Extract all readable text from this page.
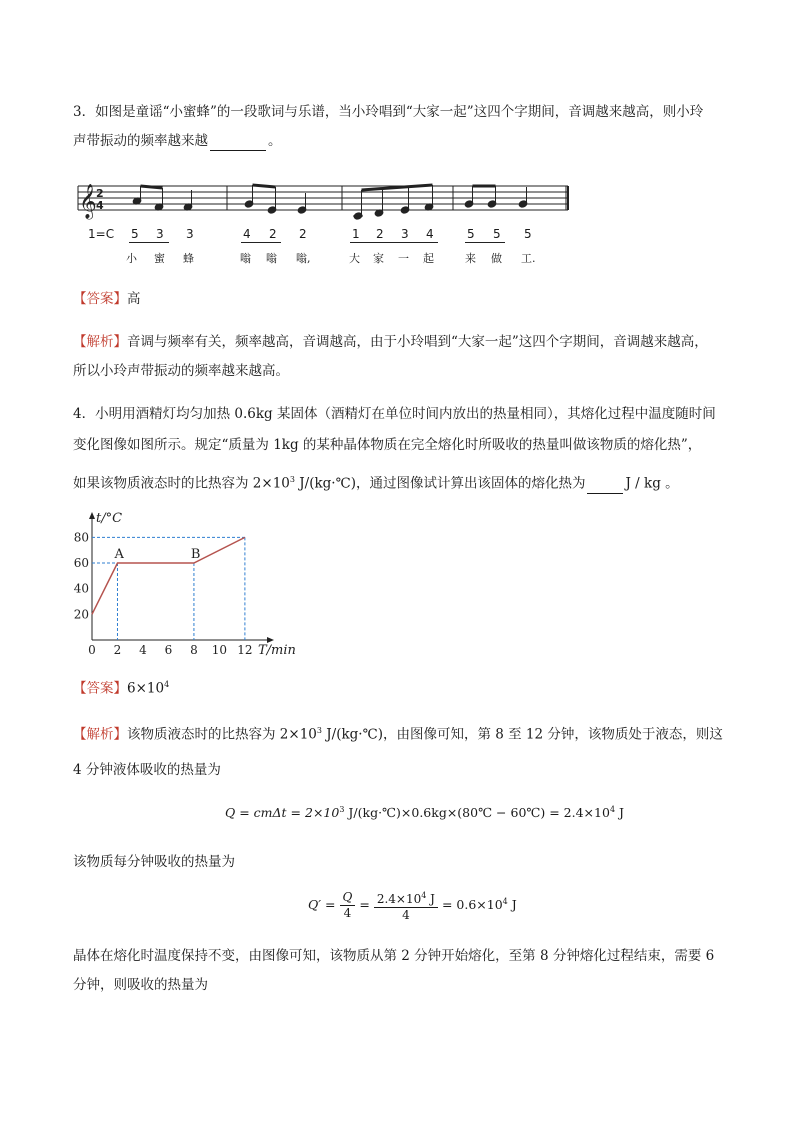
3．如图是童谣“小蜜蜂”的一段歌词与乐谱，当小玲唱到“大家一起”这四个字期间，音调越来越高，则小玲
声带振动的频率越来越	。
𝄞 2
4
1=C 5 3 3	4 2 2	1 2 3 4	5 5 5
小 蜜 蜂	嗡 嗡 嗡,	大 家 一 起	来 做 工.
【答案】高
【解析】音调与频率有关，频率越高，音调越高，由于小玲唱到“大家一起”这四个字期间，音调越来越高，
所以小玲声带振动的频率越来越高。
4．小明用酒精灯均匀加热 0.6kg 某固体（酒精灯在单位时间内放出的热量相同），其熔化过程中温度随时间
变化图像如图所示。规定“质量为 1kg 的某种晶体物质在完全熔化时所吸收的热量叫做该物质的熔化热”，
如果该物质液态时的比热容为 $2\times 10^3$ J/(kg·℃)，通过图像试计算出该固体的熔化热为	J / kg 。
t/°C
T/min
0 2 4 6 8 10 12
20
40
60
80
A	B
【答案】$6\times 10^4$
【解析】该物质液态时的比热容为 $2\times 10^3$ J/(kg·℃)，由图像可知，第 8 至 12 分钟，该物质处于液态，则这
4 分钟液体吸收的热量为
$Q = cm\Delta t = 2\times 10^3$ J/(kg·℃)×0.6kg×(80℃ − 60℃) = $2.4\times 10^4$ J
该物质每分钟吸收的热量为
$Q' = \frac{Q}{4} = \frac{2.4\times 10^4 J}{4} = 0.6\times 10^4$ J
晶体在熔化时温度保持不变，由图像可知，该物质从第 2 分钟开始熔化，至第 8 分钟熔化过程结束，需要 6
分钟，则吸收的热量为
